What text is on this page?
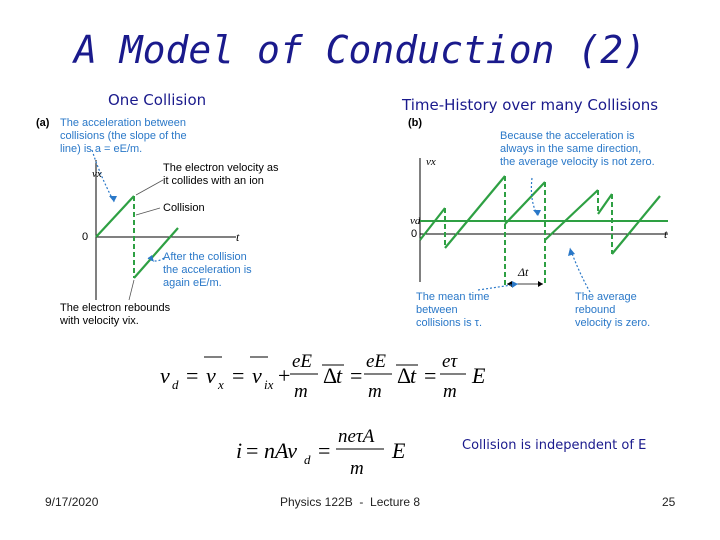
A Model of Conduction (2)
One Collision	Time-History over many Collisions
(a) The acceleration between
collisions (the slope of the
line) is a = eE/m.
vx
0	t
The electron velocity as
it collides with an ion
Collision
After the collision
the acceleration is
again eE/m.
The electron rebounds
with velocity vix.
(b)
Because the acceleration is
always in the same direction,
the average velocity is not zero.
vx
vd
0	t
Δt
The mean time
between
collisions is τ.
The average
rebound
velocity is zero.
v d = v x = v ix +
eE
m
Δ
t =
eE
m
Δ
t =
eτ
m
E
i = nAv d =
neτA
m
E	Collision is independent of E
9/17/2020	Physics 122B  -  Lecture 8	25
